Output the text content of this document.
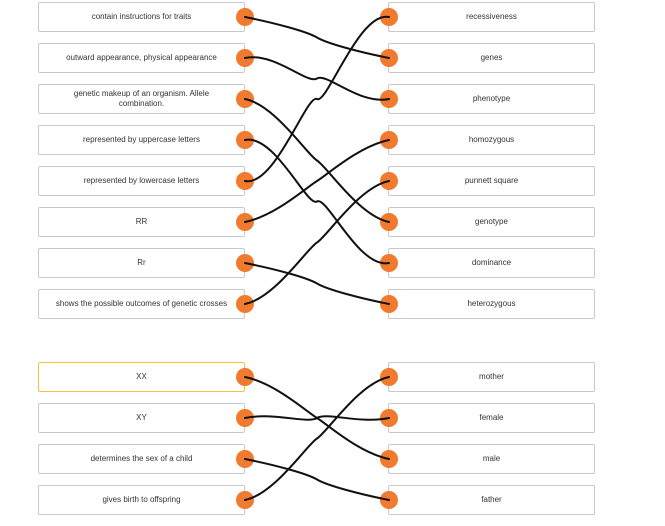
contain instructions for traits
outward appearance, physical appearance
genetic makeup of an organism. Allele combination.
represented by uppercase letters
represented by lowercase letters
RR
Rr
shows the possible outcomes of genetic crosses
recessiveness
genes
phenotype
homozygous
punnett square
genotype
dominance
heterozygous
XX
XY
determines the sex of a child
gives birth to offspring
mother
female
male
father
